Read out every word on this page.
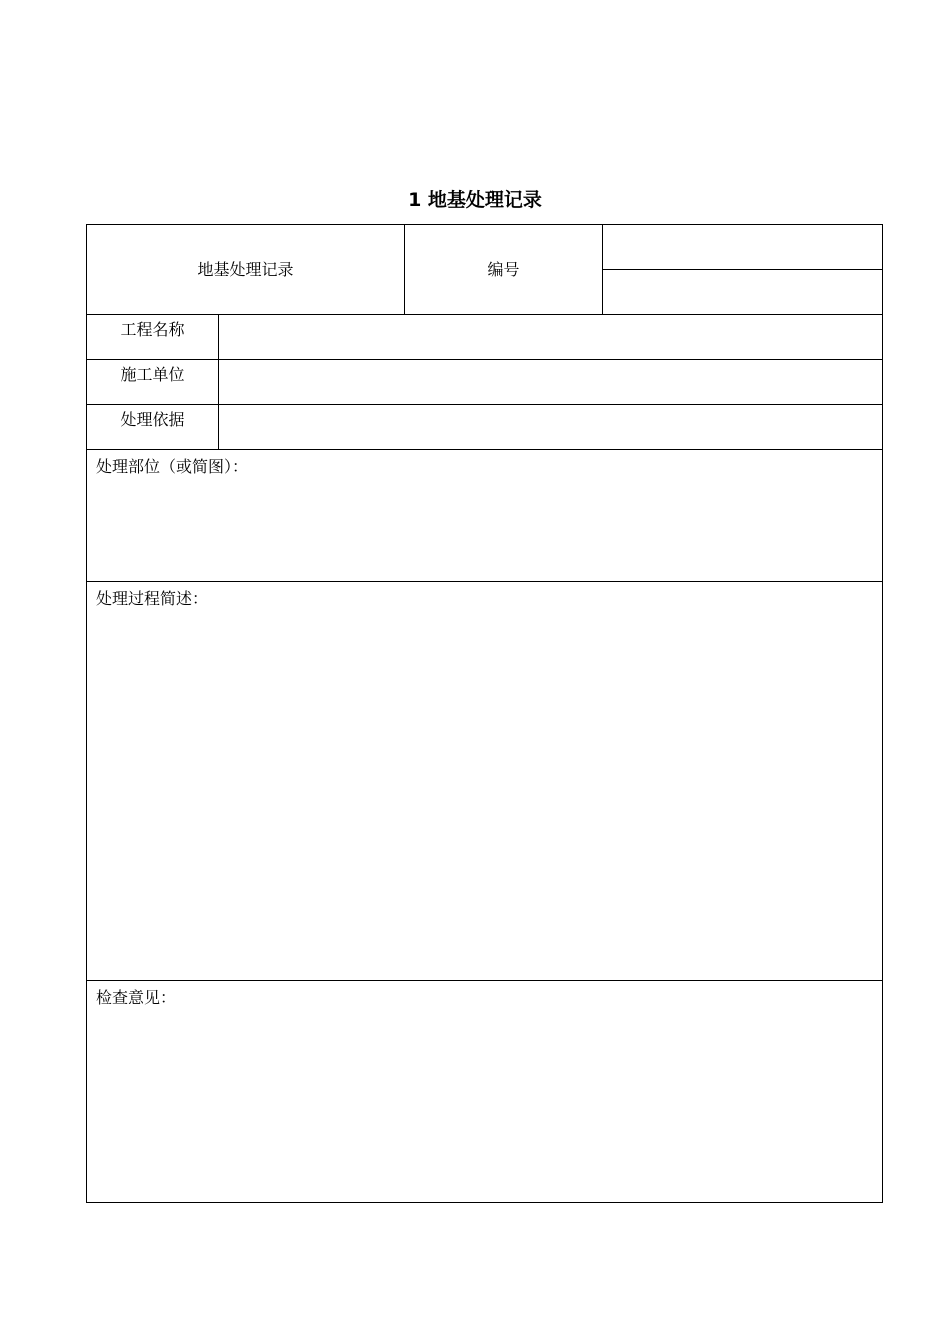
1 地基处理记录
地基处理记录		编号	

工程名称			
施工单位			
处理依据			
处理部位（或简图）：			
处理过程简述：			
检查意见：			
